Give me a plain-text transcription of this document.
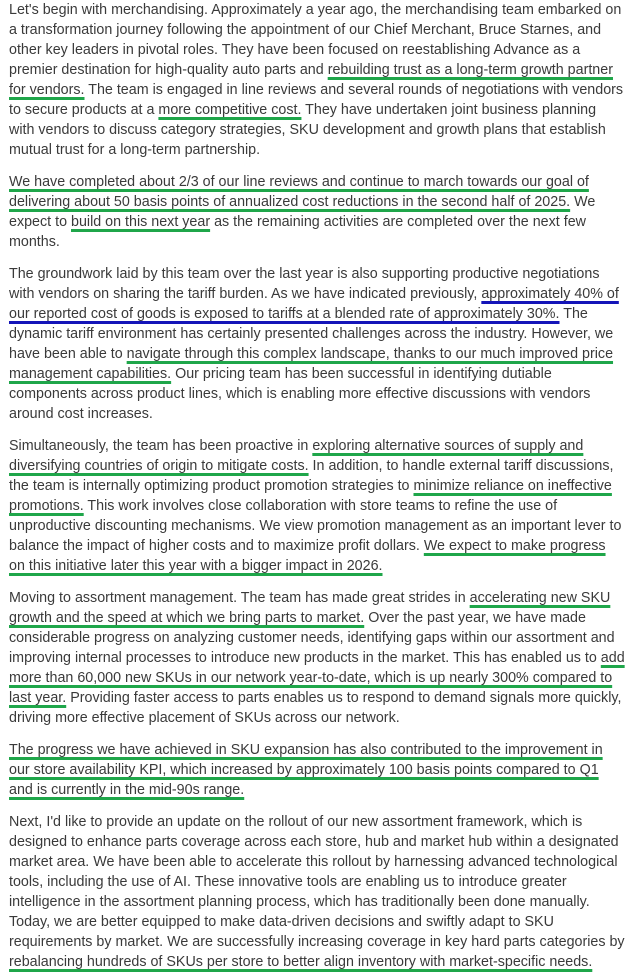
Let's begin with merchandising. Approximately a year ago, the merchandising team embarked on a transformation journey following the appointment of our Chief Merchant, Bruce Starnes, and other key leaders in pivotal roles. They have been focused on reestablishing Advance as a premier destination for high-quality auto parts and rebuilding trust as a long-term growth partner for vendors. The team is engaged in line reviews and several rounds of negotiations with vendors to secure products at a more competitive cost. They have undertaken joint business planning with vendors to discuss category strategies, SKU development and growth plans that establish mutual trust for a long-term partnership.

We have completed about 2/3 of our line reviews and continue to march towards our goal of delivering about 50 basis points of annualized cost reductions in the second half of 2025. We expect to build on this next year as the remaining activities are completed over the next few months.

The groundwork laid by this team over the last year is also supporting productive negotiations with vendors on sharing the tariff burden. As we have indicated previously, approximately 40% of our reported cost of goods is exposed to tariffs at a blended rate of approximately 30%. The dynamic tariff environment has certainly presented challenges across the industry. However, we have been able to navigate through this complex landscape, thanks to our much improved price management capabilities. Our pricing team has been successful in identifying dutiable components across product lines, which is enabling more effective discussions with vendors around cost increases.

Simultaneously, the team has been proactive in exploring alternative sources of supply and diversifying countries of origin to mitigate costs. In addition, to handle external tariff discussions, the team is internally optimizing product promotion strategies to minimize reliance on ineffective promotions. This work involves close collaboration with store teams to refine the use of unproductive discounting mechanisms. We view promotion management as an important lever to balance the impact of higher costs and to maximize profit dollars. We expect to make progress on this initiative later this year with a bigger impact in 2026.

Moving to assortment management. The team has made great strides in accelerating new SKU growth and the speed at which we bring parts to market. Over the past year, we have made considerable progress on analyzing customer needs, identifying gaps within our assortment and improving internal processes to introduce new products in the market. This has enabled us to add more than 60,000 new SKUs in our network year-to-date, which is up nearly 300% compared to last year. Providing faster access to parts enables us to respond to demand signals more quickly, driving more effective placement of SKUs across our network.

The progress we have achieved in SKU expansion has also contributed to the improvement in our store availability KPI, which increased by approximately 100 basis points compared to Q1 and is currently in the mid-90s range.

Next, I'd like to provide an update on the rollout of our new assortment framework, which is designed to enhance parts coverage across each store, hub and market hub within a designated market area. We have been able to accelerate this rollout by harnessing advanced technological tools, including the use of AI. These innovative tools are enabling us to introduce greater intelligence in the assortment planning process, which has traditionally been done manually. Today, we are better equipped to make data-driven decisions and swiftly adapt to SKU requirements by market. We are successfully increasing coverage in key hard parts categories by rebalancing hundreds of SKUs per store to better align inventory with market-specific needs.
